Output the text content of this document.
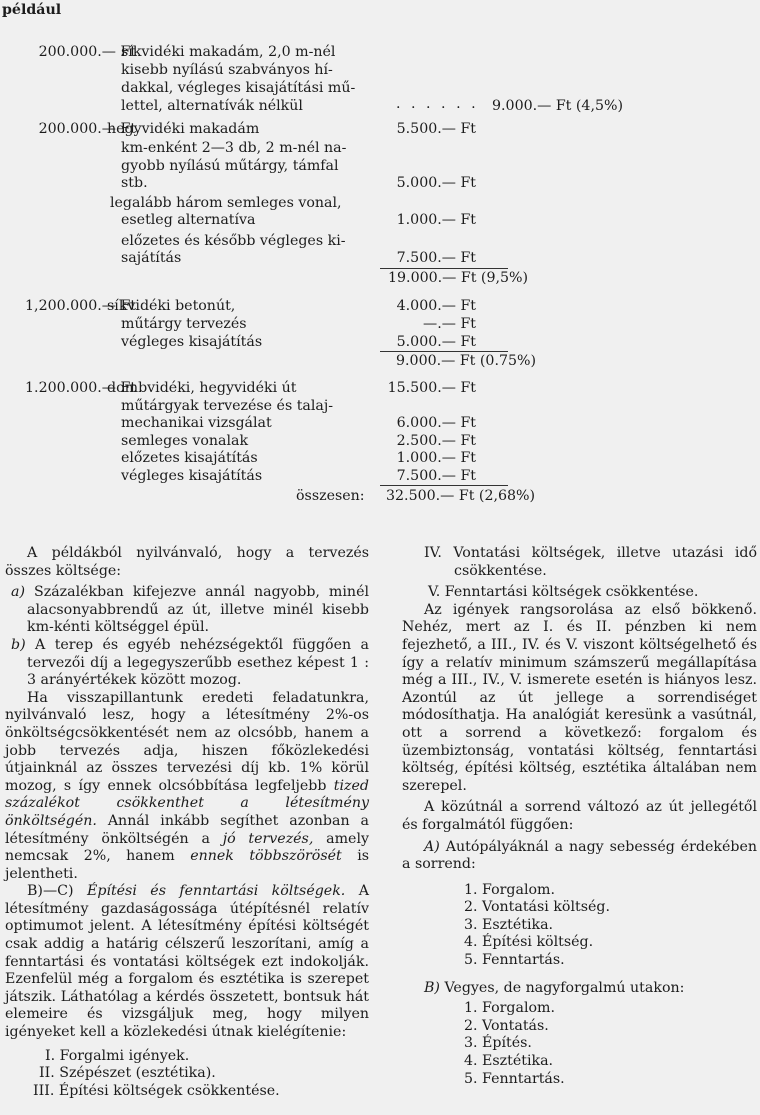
például
200.000.— Ft
síkvidéki makadám, 2,0 m-nél
kisebb nyílású szabványos hí-
dakkal, végleges kisajátítási mű-
lettel, alternatívák nélkül	. . . . . . 9.000.— Ft (4,5%)
200.000.— Ft
hegyvidéki makadám
km-enként 2—3 db, 2 m-nél na-
gyobb nyílású műtárgy, támfal
stb.
legalább három semleges vonal,
esetleg alternatíva
előzetes és később végleges ki-
sajátítás
5.500.— Ft
5.000.— Ft
1.000.— Ft
7.500.— Ft
19.000.— Ft (9,5%)
1,200.000.— Ft
síkvidéki betonút,
műtárgy tervezés
végleges kisajátítás
4.000.— Ft
—.— Ft
5.000.— Ft
9.000.— Ft (0.75%)
1.200.000.— Ft
dombvidéki, hegyvidéki út
műtárgyak tervezése és talaj-
mechanikai vizsgálat
semleges vonalak
előzetes kisajátítás
végleges kisajátítás
15.500.— Ft
6.000.— Ft
2.500.— Ft
1.000.— Ft
7.500.— Ft
összesen: 32.500.— Ft (2,68%)

A példákból nyilvánvaló, hogy a tervezés összes költsége:

a) Százalékban kifejezve annál nagyobb, minél alacsonyabbrendű az út, illetve minél kisebb km-kénti költséggel épül.

b) A terep és egyéb nehézségektől függően a tervezői díj a legegyszerűbb esethez képest 1 : 3 arányértékek között mozog.

Ha visszapillantunk eredeti feladatunkra, nyilvánvaló lesz, hogy a létesítmény 2%-os önköltségcsökkentését nem az olcsóbb, hanem a jobb tervezés adja, hiszen főközlekedési útjainknál az összes tervezési díj kb. 1% körül mozog, s így ennek olcsóbbítása legfeljebb tized százalékot csökkenthet a létesítmény önköltségén. Annál inkább segíthet azonban a létesítmény önköltségén a jó tervezés, amely nemcsak 2%, hanem ennek többszörösét is jelentheti.

B)—C) Építési és fenntartási költségek. A létesítmény gazdaságossága útépítésnél relatív optimumot jelent. A létesítmény építési költségét csak addig a határig célszerű leszorítani, amíg a fenntartási és vontatási költségek ezt indokolják. Ezenfelül még a forgalom és esztétika is szerepet játszik. Láthatólag a kérdés összetett, bontsuk hát elemeire és vizsgáljuk meg, hogy milyen igényeket kell a közlekedési útnak kielégítenie:

I. Forgalmi igények.

II. Szépészet (esztétika).

III. Építési költségek csökkentése.

IV. Vontatási költségek, illetve utazási idő csökkentése.

V. Fenntartási költségek csökkentése.

Az igények rangsorolása az első bökkenő. Nehéz, mert az I. és II. pénzben ki nem fejezhető, a III., IV. és V. viszont költségelhető és így a relatív minimum számszerű megállapítása még a III., IV., V. ismerete esetén is hiányos lesz. Azontúl az út jellege a sorrendiséget módosíthatja. Ha analógiát keresünk a vasútnál, ott a sorrend a következő: forgalom és üzembiztonság, vontatási költség, fenntartási költség, építési költség, esztétika általában nem szerepel.

A közútnál a sorrend változó az út jellegétől és forgalmától függően:

A) Autópályáknál a nagy sebesség érdekében a sorrend:

1. Forgalom.

2. Vontatási költség.

3. Esztétika.

4. Építési költség.

5. Fenntartás.

B) Vegyes, de nagyforgalmú utakon:

1. Forgalom.

2. Vontatás.

3. Építés.

4. Esztétika.

5. Fenntartás.
